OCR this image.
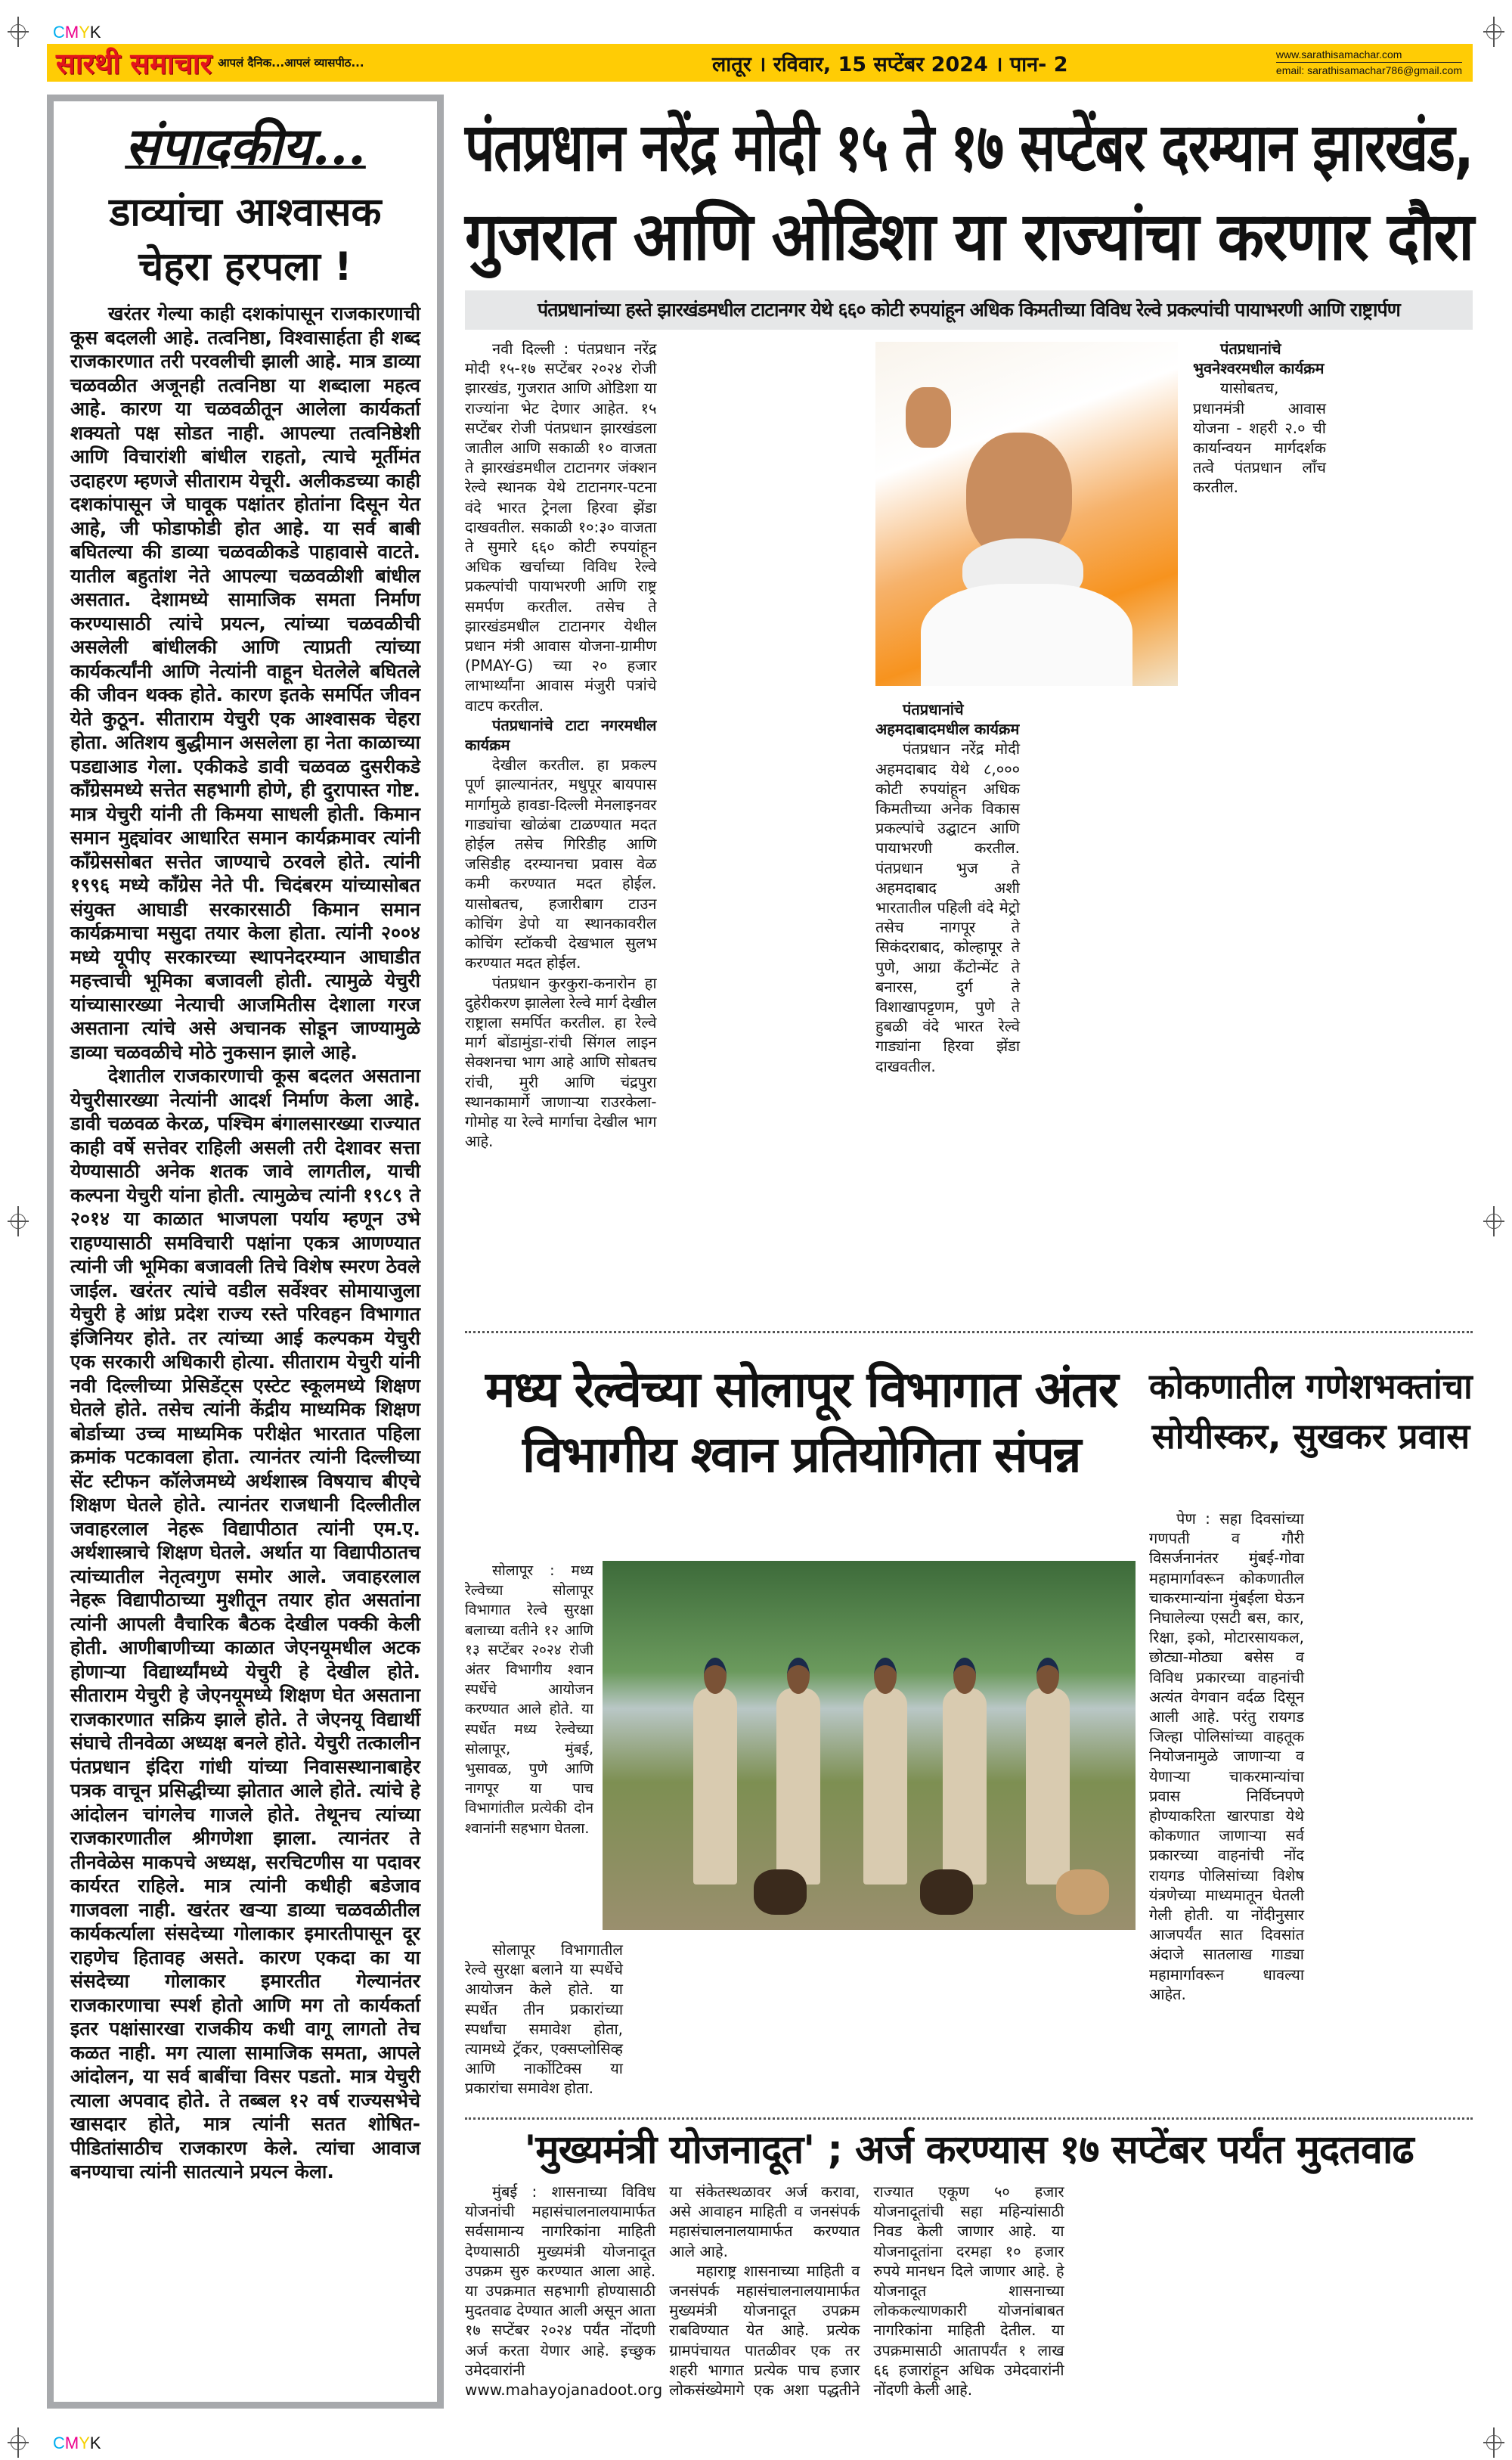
CMYK
CMYK
सारथी समाचार आपलं दैनिक...आपलं व्यासपीठ...	लातूर । रविवार, 15 सप्टेंबर 2024 । पान- 2	www.sarathisamachar.com
email: sarathisamachar786@gmail.com
संपादकीय...
डाव्यांचा आश्वासक
चेहरा हरपला !

खरंतर गेल्या काही दशकांपासून राजकारणाची कूस बदलली आहे. तत्वनिष्ठा, विश्वासार्हता ही शब्द राजकारणात तरी परवलीची झाली आहे. मात्र डाव्या चळवळीत अजूनही तत्वनिष्ठा या शब्दाला महत्व आहे. कारण या चळवळीतून आलेला कार्यकर्ता शक्यतो पक्ष सोडत नाही. आपल्या तत्वनिष्ठेशी आणि विचारांशी बांधील राहतो, त्याचे मूर्तीमंत उदाहरण म्हणजे सीताराम येचूरी. अलीकडच्या काही दशकांपासून जे घावूक पक्षांतर होतांना दिसून येत आहे, जी फोडाफोडी होत आहे. या सर्व बाबी बघितल्या की डाव्या चळवळीकडे पाहावासे वाटते. यातील बहुतांश नेते आपल्या चळवळीशी बांधील असतात. देशामध्ये सामाजिक समता निर्माण करण्यासाठी त्यांचे प्रयत्न, त्यांच्या चळवळीची असलेली बांधीलकी आणि त्याप्रती त्यांच्या कार्यकर्त्यांनी आणि नेत्यांनी वाहून घेतलेले बघितले की जीवन थक्क होते. कारण इतके समर्पित जीवन येते कुठून. सीताराम येचुरी एक आश्वासक चेहरा होता. अतिशय बुद्धीमान असलेला हा नेता काळाच्या पडद्याआड गेला. एकीकडे डावी चळवळ दुसरीकडे काँग्रेसमध्ये सत्तेत सहभागी होणे, ही दुरापास्त गोष्ट. मात्र येचुरी यांनी ती किमया साधली होती. किमान समान मुद्द्यांवर आधारित समान कार्यक्रमावर त्यांनी काँग्रेससोबत सत्तेत जाण्याचे ठरवले होते. त्यांनी १९९६ मध्ये काँग्रेस नेते पी. चिदंबरम यांच्यासोबत संयुक्त आघाडी सरकारसाठी किमान समान कार्यक्रमाचा मसुदा तयार केला होता. त्यांनी २००४ मध्ये यूपीए सरकारच्या स्थापनेदरम्यान आघाडीत महत्त्वाची भूमिका बजावली होती. त्यामुळे येचुरी यांच्यासारख्या नेत्याची आजमितीस देशाला गरज असताना त्यांचे असे अचानक सोडून जाण्यामुळे डाव्या चळवळीचे मोठे नुकसान झाले आहे.

देशातील राजकारणाची कूस बदलत असताना येचुरीसारख्या नेत्यांनी आदर्श निर्माण केला आहे. डावी चळवळ केरळ, पश्चिम बंगालसारख्या राज्यात काही वर्षे सत्तेवर राहिली असली तरी देशावर सत्ता येण्यासाठी अनेक शतक जावे लागतील, याची कल्पना येचुरी यांना होती. त्यामुळेच त्यांनी १९८९ ते २०१४ या काळात भाजपला पर्याय म्हणून उभे राहण्यासाठी समविचारी पक्षांना एकत्र आणण्यात त्यांनी जी भूमिका बजावली तिचे विशेष स्मरण ठेवले जाईल. खरंतर त्यांचे वडील सर्वेश्वर सोमायाजुला येचुरी हे आंध्र प्रदेश राज्य रस्ते परिवहन विभागात इंजिनियर होते. तर त्यांच्या आई कल्पकम येचुरी एक सरकारी अधिकारी होत्या. सीताराम येचुरी यांनी नवी दिल्लीच्या प्रेसिडेंट्स एस्टेट स्कूलमध्ये शिक्षण घेतले होते. तसेच त्यांनी केंद्रीय माध्यमिक शिक्षण बोर्डाच्या उच्च माध्यमिक परीक्षेत भारतात पहिला क्रमांक पटकावला होता. त्यानंतर त्यांनी दिल्लीच्या सेंट स्टीफन कॉलेजमध्ये अर्थशास्त्र विषयाच बीएचे शिक्षण घेतले होते. त्यानंतर राजधानी दिल्लीतील जवाहरलाल नेहरू विद्यापीठात त्यांनी एम.ए. अर्थशास्त्राचे शिक्षण घेतले. अर्थात या विद्यापीठातच त्यांच्यातील नेतृत्वगुण समोर आले. जवाहरलाल नेहरू विद्यापीठाच्या मुशीतून तयार होत असतांना त्यांनी आपली वैचारिक बैठक देखील पक्की केली होती. आणीबाणीच्या काळात जेएनयूमधील अटक होणाऱ्या विद्यार्थ्यांमध्ये येचुरी हे देखील होते. सीताराम येचुरी हे जेएनयूमध्ये शिक्षण घेत असताना राजकारणात सक्रिय झाले होते. ते जेएनयू विद्यार्थी संघाचे तीनवेळा अध्यक्ष बनले होते. येचुरी तत्कालीन पंतप्रधान इंदिरा गांधी यांच्या निवासस्थानाबाहेर पत्रक वाचून प्रसिद्धीच्या झोतात आले होते. त्यांचे हे आंदोलन चांगलेच गाजले होते. तेथूनच त्यांच्या राजकारणातील श्रीगणेशा झाला. त्यानंतर ते तीनवेळेस माकपचे अध्यक्ष, सरचिटणीस या पदावर कार्यरत राहिले. मात्र त्यांनी कधीही बडेजाव गाजवला नाही. खरंतर खऱ्या डाव्या चळवळीतील कार्यकर्त्याला संसदेच्या गोलाकार इमारतीपासून दूर राहणेच हितावह असते. कारण एकदा का या संसदेच्या गोलाकार इमारतीत गेल्यानंतर राजकारणाचा स्पर्श होतो आणि मग तो कार्यकर्ता इतर पक्षांसारखा राजकीय कधी वागू लागतो तेच कळत नाही. मग त्याला सामाजिक समता, आपले आंदोलन, या सर्व बाबींचा विसर पडतो. मात्र येचुरी त्याला अपवाद होते. ते तब्बल १२ वर्ष राज्यसभेचे खासदार होते, मात्र त्यांनी सतत शोषित-पीडितांसाठीच राजकारण केले. त्यांचा आवाज बनण्याचा त्यांनी सातत्याने प्रयत्न केला.

पंतप्रधान नरेंद्र मोदी १५ ते १७ सप्टेंबर दरम्यान झारखंड,
गुजरात आणि ओडिशा या राज्यांचा करणार दौरा
पंतप्रधानांच्या हस्ते झारखंडमधील टाटानगर येथे ६६० कोटी रुपयांहून अधिक किमतीच्या विविध रेल्वे प्रकल्पांची पायाभरणी आणि राष्ट्रार्पण

नवी दिल्ली : पंतप्रधान नरेंद्र मोदी १५-१७ सप्टेंबर २०२४ रोजी झारखंड, गुजरात आणि ओडिशा या राज्यांना भेट देणार आहेत. १५ सप्टेंबर रोजी पंतप्रधान झारखंडला जातील आणि सकाळी १० वाजता ते झारखंडमधील टाटानगर जंक्शन रेल्वे स्थानक येथे टाटानगर-पटना वंदे भारत ट्रेनला हिरवा झेंडा दाखवतील. सकाळी १०:३० वाजता ते सुमारे ६६० कोटी रुपयांहून अधिक खर्चाच्या विविध रेल्वे प्रकल्पांची पायाभरणी आणि राष्ट्र समर्पण करतील. तसेच ते झारखंडमधील टाटानगर येथील प्रधान मंत्री आवास योजना-ग्रामीण (PMAY-G) च्या २० हजार लाभार्थ्यांना आवास मंजुरी पत्रांचे वाटप करतील.

पंतप्रधानांचे टाटा नगरमधील कार्यक्रम

देखील करतील. हा प्रकल्प पूर्ण झाल्यानंतर, मधुपूर बायपास मार्गामुळे हावडा-दिल्ली मेनलाइनवर गाड्यांचा खोळंबा टाळण्यात मदत होईल तसेच गिरिडीह आणि जसिडीह दरम्यानचा प्रवास वेळ कमी करण्यात मदत होईल. यासोबतच, हजारीबाग टाउन कोचिंग डेपो या स्थानकावरील कोचिंग स्टॉकची देखभाल सुलभ करण्यात मदत होईल.

पंतप्रधान कुरकुरा-कनारोन हा दुहेरीकरण झालेला रेल्वे मार्ग देखील राष्ट्राला समर्पित करतील. हा रेल्वे मार्ग बोंडामुंडा-रांची सिंगल लाइन सेक्शनचा भाग आहे आणि सोबतच रांची, मुरी आणि चंद्रपुरा स्थानकामार्गे जाणाऱ्या राउरकेला-गोमोह या रेल्वे मार्गाचा देखील भाग आहे.

पंतप्रधानांचे अहमदाबादमधील कार्यक्रम

पंतप्रधान नरेंद्र मोदी अहमदाबाद येथे ८,००० कोटी रुपयांहून अधिक किमतीच्या अनेक विकास प्रकल्पांचे उद्घाटन आणि पायाभरणी करतील. पंतप्रधान भुज ते अहमदाबाद अशी भारतातील पहिली वंदे मेट्रो तसेच नागपूर ते सिकंदराबाद, कोल्हापूर ते पुणे, आग्रा कॅंटोन्मेंट ते बनारस, दुर्ग ते विशाखापट्टणम, पुणे ते हुबळी वंदे भारत रेल्वे गाड्यांना हिरवा झेंडा दाखवतील.

पंतप्रधानांचे भुवनेश्वरमधील कार्यक्रम

यासोबतच, प्रधानमंत्री आवास योजना - शहरी २.० ची कार्यान्वयन मार्गदर्शक तत्वे पंतप्रधान लॉंच करतील.

मध्य रेल्वेच्या सोलापूर विभागात अंतर
विभागीय श्वान प्रतियोगिता संपन्न

सोलापूर : मध्य रेल्वेच्या सोलापूर विभागात रेल्वे सुरक्षा बलाच्या वतीने १२ आणि १३ सप्टेंबर २०२४ रोजी अंतर विभागीय श्वान स्पर्धेचे आयोजन करण्यात आले होते. या स्पर्धेत मध्य रेल्वेच्या सोलापूर, मुंबई, भुसावळ, पुणे आणि नागपूर या पाच विभागांतील प्रत्येकी दोन श्वानांनी सहभाग घेतला.

सोलापूर विभागातील रेल्वे सुरक्षा बलाने या स्पर्धेचे आयोजन केले होते. या स्पर्धेत तीन प्रकारांच्या स्पर्धांचा समावेश होता, त्यामध्ये ट्रॅकर, एक्सप्लोसिव्ह आणि नार्कोटिक्स या प्रकारांचा समावेश होता.

कोकणातील गणेशभक्तांचा
सोयीस्कर, सुखकर प्रवास

पेण : सहा दिवसांच्या गणपती व गौरी विसर्जनानंतर मुंबई-गोवा महामार्गावरून कोकणातील चाकरमान्यांना मुंबईला घेऊन निघालेल्या एसटी बस, कार, रिक्षा, इको, मोटारसायकल, छोट्या-मोठ्या बसेस व विविध प्रकारच्या वाहनांची अत्यंत वेगवान वर्दळ दिसून आली आहे. परंतु रायगड जिल्हा पोलिसांच्या वाहतूक नियोजनामुळे जाणाऱ्या व येणाऱ्या चाकरमान्यांचा प्रवास निर्विघ्नपणे होण्याकरिता खारपाडा येथे कोकणात जाणाऱ्या सर्व प्रकारच्या वाहनांची नोंद रायगड पोलिसांच्या विशेष यंत्रणेच्या माध्यमातून घेतली गेली होती. या नोंदीनुसार आजपर्यंत सात दिवसांत अंदाजे सातलाख गाड्या महामार्गावरून धावल्या आहेत.

'मुख्यमंत्री योजनादूत' ; अर्ज करण्यास १७ सप्टेंबर पर्यंत मुदतवाढ

मुंबई : शासनाच्या विविध योजनांची महासंचालनालयामार्फत सर्वसामान्य नागरिकांना माहिती देण्यासाठी मुख्यमंत्री योजनादूत उपक्रम सुरु करण्यात आला आहे. या उपक्रमात सहभागी होण्यासाठी मुदतवाढ देण्यात आली असून आता १७ सप्टेंबर २०२४ पर्यंत नोंदणी अर्ज करता येणार आहे. इच्छुक उमेदवारांनी www.mahayojanadoot.org या संकेतस्थळावर अर्ज करावा, असे आवाहन माहिती व जनसंपर्क महासंचालनालयामार्फत करण्यात आले आहे.

महाराष्ट्र शासनाच्या माहिती व जनसंपर्क महासंचालनालयामार्फत मुख्यमंत्री योजनादूत उपक्रम राबविण्यात येत आहे. प्रत्येक ग्रामपंचायत पातळीवर एक तर शहरी भागात प्रत्येक पाच हजार लोकसंख्येमागे एक अशा पद्धतीने राज्यात एकूण ५० हजार योजनादूतांची सहा महिन्यांसाठी निवड केली जाणार आहे. या योजनादूतांना दरमहा १० हजार रुपये मानधन दिले जाणार आहे. हे योजनादूत शासनाच्या लोककल्याणकारी योजनांबाबत नागरिकांना माहिती देतील. या उपक्रमासाठी आतापर्यंत १ लाख ६६ हजारांहून अधिक उमेदवारांनी नोंदणी केली आहे.
